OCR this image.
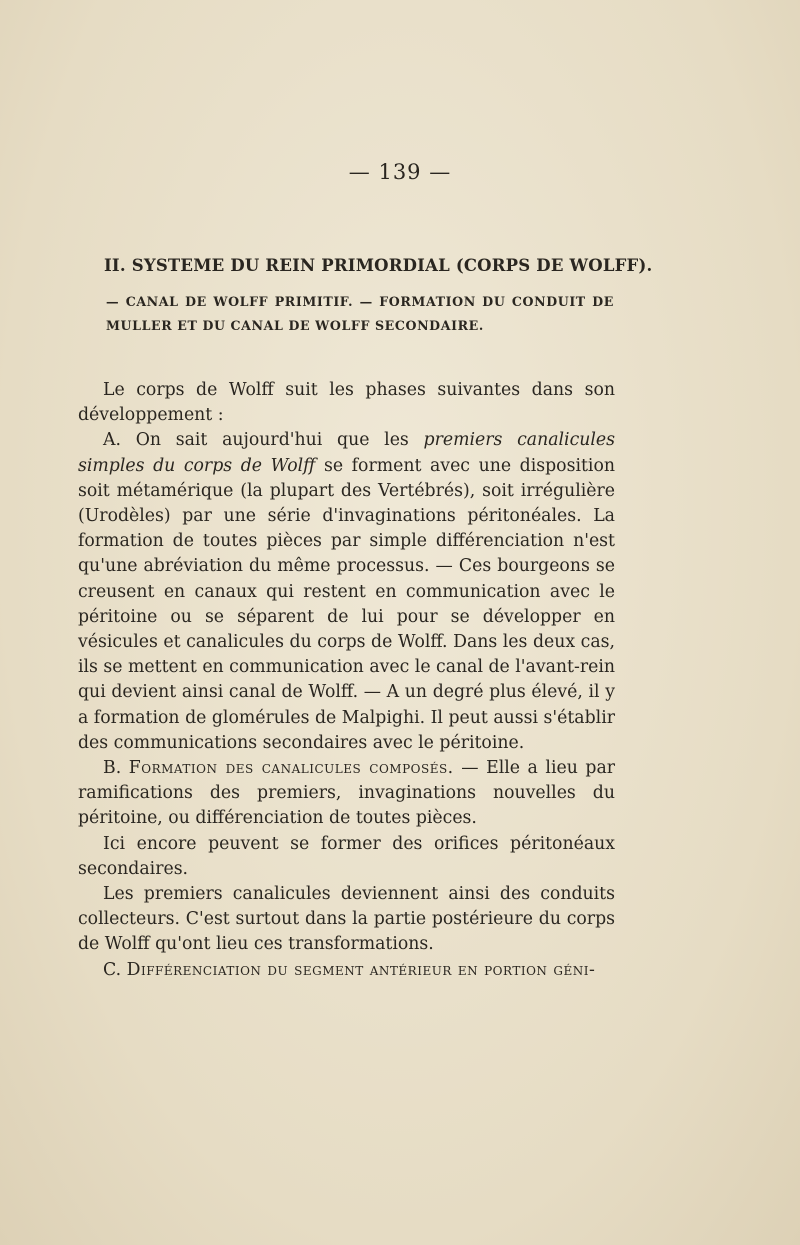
— 139 —
II. SYSTEME DU REIN PRIMORDIAL (CORPS DE WOLFF).
— CANAL DE WOLFF PRIMITIF. — FORMATION DU CONDUIT DE MULLER ET DU CANAL DE WOLFF SECONDAIRE.

Le corps de Wolff suit les phases suivantes dans son développement :

A. On sait aujourd'hui que les premiers canalicules simples du corps de Wolff se forment avec une disposition soit métamérique (la plupart des Vertébrés), soit irrégulière (Urodèles) par une série d'invaginations péritonéales. La formation de toutes pièces par simple différenciation n'est qu'une abréviation du même processus. — Ces bourgeons se creusent en canaux qui restent en communication avec le péritoine ou se séparent de lui pour se développer en vésicules et canalicules du corps de Wolff. Dans les deux cas, ils se mettent en communication avec le canal de l'avant-rein qui devient ainsi canal de Wolff. — A un degré plus élevé, il y a formation de glomérules de Malpighi. Il peut aussi s'établir des communications secondaires avec le péritoine.

B. Formation des canalicules composés. — Elle a lieu par ramifications des premiers, invaginations nouvelles du péritoine, ou différenciation de toutes pièces.

Ici encore peuvent se former des orifices péritonéaux secondaires.

Les premiers canalicules deviennent ainsi des conduits collecteurs. C'est surtout dans la partie postérieure du corps de Wolff qu'ont lieu ces transformations.

C. Différenciation du segment antérieur en portion géni-
